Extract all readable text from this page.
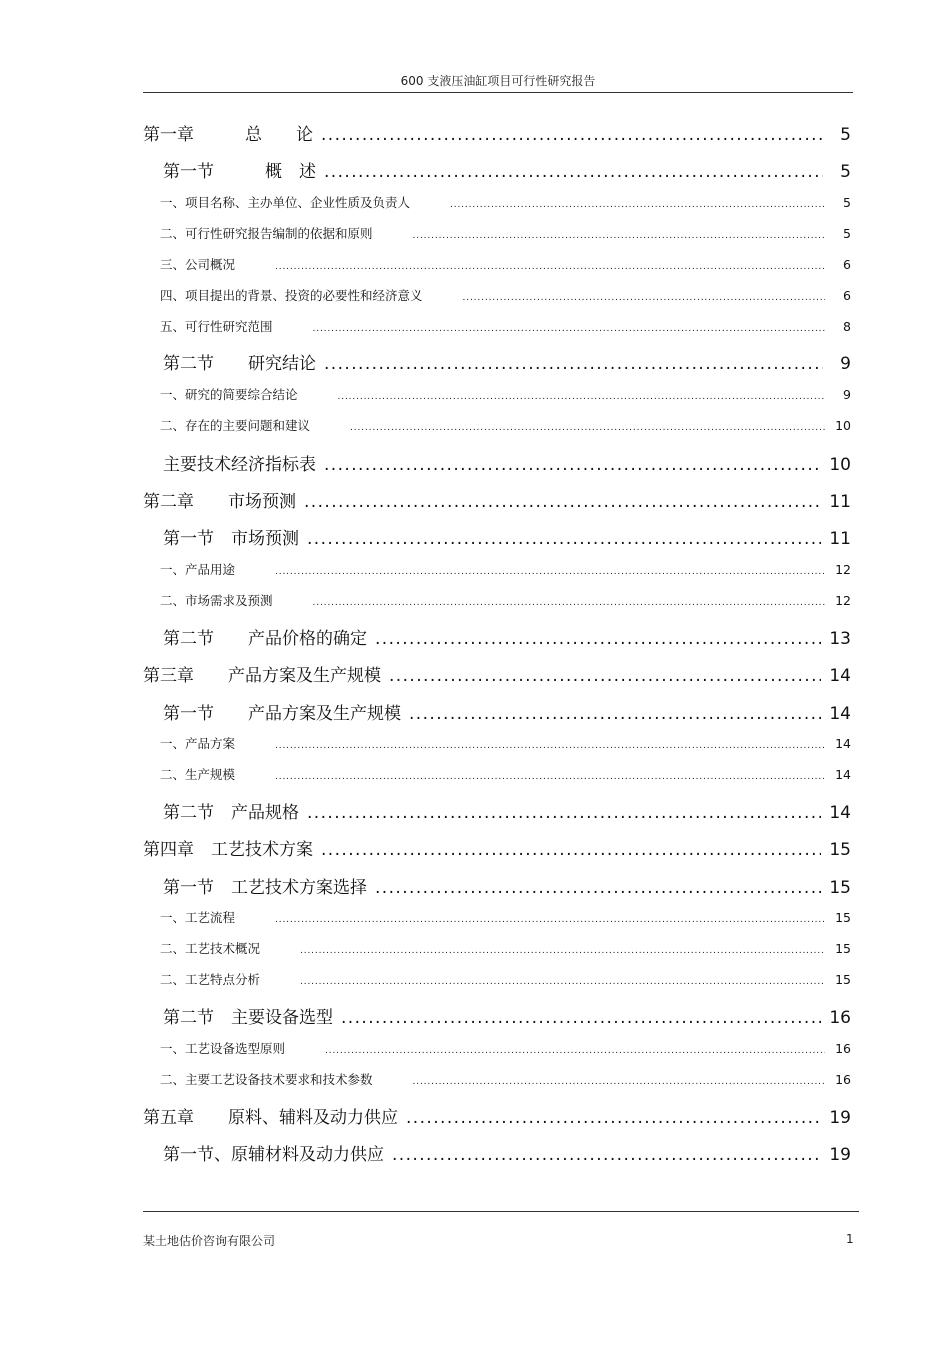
600 支液压油缸项目可行性研究报告
第一章　　　总　　论 . . .	5
第一节　　　概　述 . . .	5
一、项目名称、主办单位、企业性质及负责人 . . .	5
二、可行性研究报告编制的依据和原则 . . .	5
三、公司概况 . . .	6
四、项目提出的背景、投资的必要性和经济意义 . . .	6
五、可行性研究范围 . . .	8
第二节　　研究结论 . . .	9
一、研究的简要综合结论 . . .	9
二、存在的主要问题和建议 . . .	10
主要技术经济指标表 . . .	10
第二章　　市场预测 . . .	11
第一节　市场预测 . . .	11
一、产品用途 . . .	12
二、市场需求及预测 . . .	12
第二节　　产品价格的确定 . . .	13
第三章　　产品方案及生产规模 . . .	14
第一节　　产品方案及生产规模 . . .	14
一、产品方案 . . .	14
二、生产规模 . . .	14
第二节　产品规格 . . .	14
第四章　工艺技术方案 . . .	15
第一节　工艺技术方案选择 . . .	15
一、工艺流程 . . .	15
二、工艺技术概况 . . .	15
二、工艺特点分析 . . .	15
第二节　主要设备选型 . . .	16
一、工艺设备选型原则 . . .	16
二、主要工艺设备技术要求和技术参数 . . .	16
第五章　　原料、辅料及动力供应 . . .	19
第一节、原辅材料及动力供应 . . .	19
某土地估价咨询有限公司	1
